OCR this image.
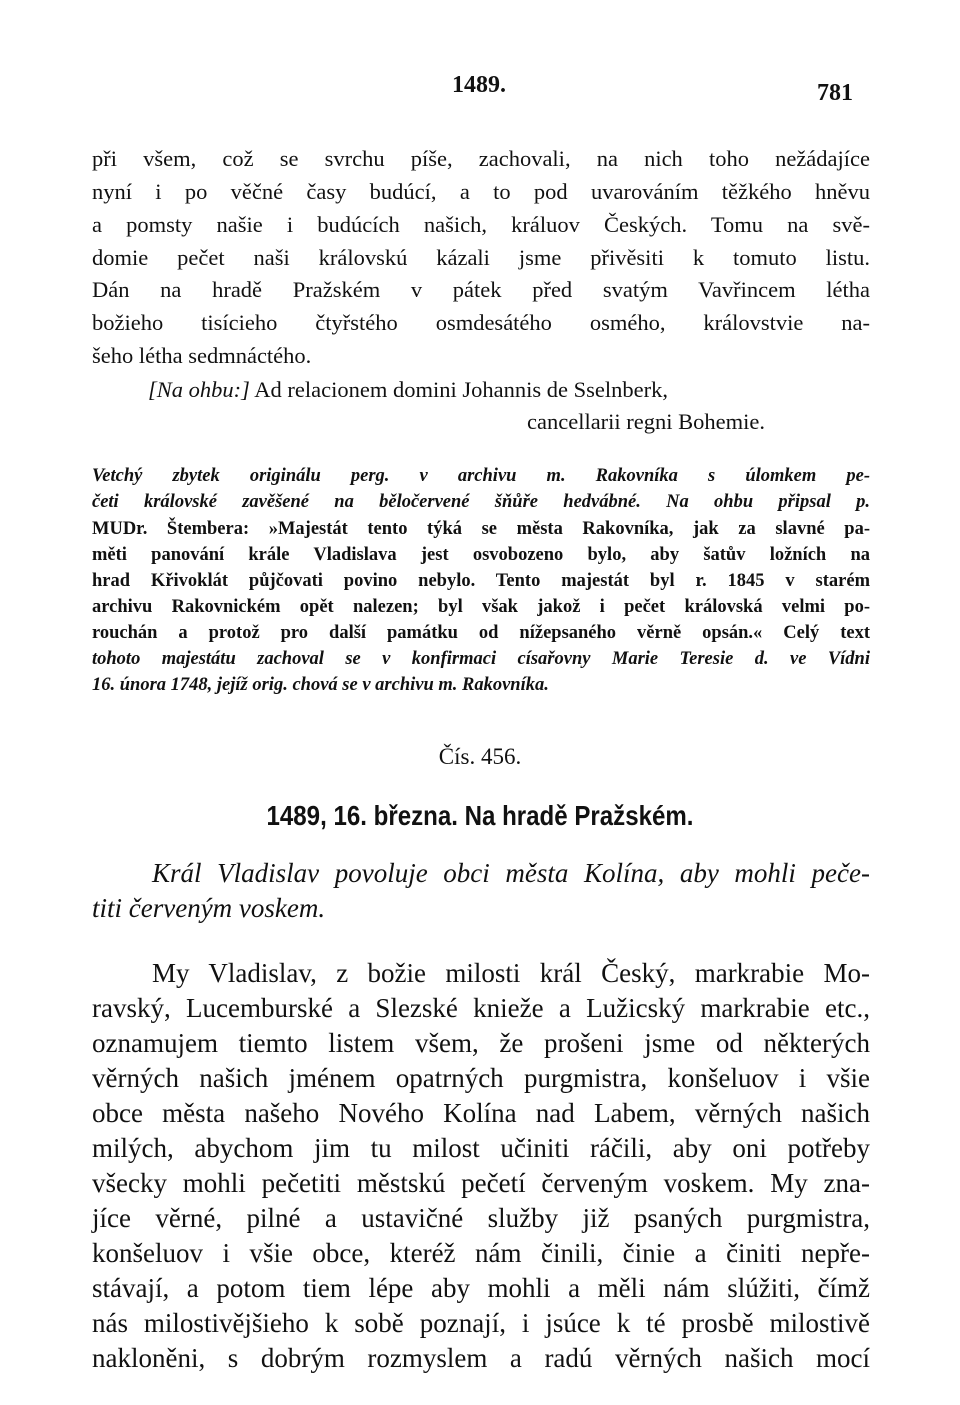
1489.	781

při všem, což se svrchu píše, zachovali, na nich toho nežádajíce

nyní i po věčné časy budúcí, a to pod uvarováním těžkého hněvu

a pomsty našie i budúcích našich, králuov Českých. Tomu na svě-

domie pečet naši královskú kázali jsme přivěsiti k tomuto listu.

Dán na hradě Pražském v pátek před svatým Vavřincem létha

božieho tisícieho čtyřstého osmdesátého osmého, královstvie na-

šeho létha sedmnáctého.

[Na ohbu:] Ad relacionem domini Johannis de Sselnberk,

cancellarii regni Bohemie.

Vetchý zbytek originálu perg. v archivu m. Rakovníka s úlomkem pe-

četi královské zavěšené na běločervené šňůře hedvábné. Na ohbu připsal p.

MUDr. Štembera: »Majestát tento týká se města Rakovníka, jak za slavné pa-

měti panování krále Vladislava jest osvobozeno bylo, aby šatův ložních na

hrad Křivoklát půjčovati povino nebylo. Tento majestát byl r. 1845 v starém

archivu Rakovnickém opět nalezen; byl však jakož i pečet královská velmi po-

rouchán a protož pro další památku od nížepsaného věrně opsán.« Celý text

tohoto majestátu zachoval se v konfirmaci císařovny Marie Teresie d. ve Vídni

16. února 1748, jejíž orig. chová se v archivu m. Rakovníka.

Čís. 456.

1489, 16. března. Na hradě Pražském.

Král Vladislav povoluje obci města Kolína, aby mohli peče-

titi červeným voskem.

My Vladislav, z božie milosti král Český, markrabie Mo-

ravský, Lucemburské a Slezské knieže a Lužicský markrabie etc.,

oznamujem tiemto listem všem, že prošeni jsme od některých

věrných našich jménem opatrných purgmistra, konšeluov i všie

obce města našeho Nového Kolína nad Labem, věrných našich

milých, abychom jim tu milost učiniti ráčili, aby oni potřeby

všecky mohli pečetiti městskú pečetí červeným voskem. My zna-

jíce věrné, pilné a ustavičné služby již psaných purgmistra,

konšeluov i všie obce, kteréž nám činili, činie a činiti nepře-

stávají, a potom tiem lépe aby mohli a měli nám slúžiti, čímž

nás milostivějšieho k sobě poznají, i jsúce k té prosbě milostivě

nakloněni, s dobrým rozmyslem a radú věrných našich mocí
